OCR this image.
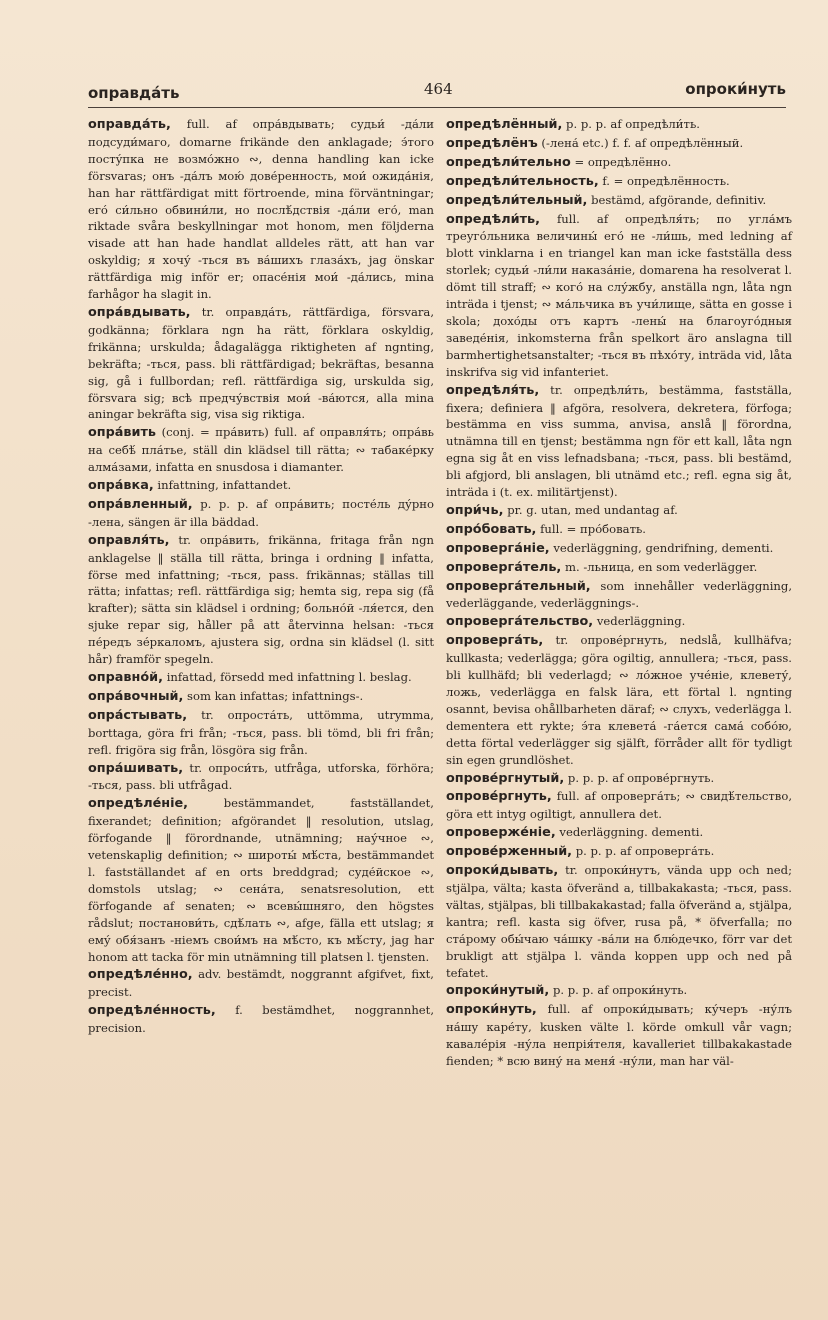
оправда́ть	464	опроки́нуть

оправда́ть, full. af опра́вдывать; судьи́ -да́ли подсуди́маго, domarne frikände den anklagade; э́того посту́пка не возмо́жно ∾, denna handling kan icke försvaras; онъ -да́лъ мою́ дове́ренность, мои́ ожида́нія, han har rättfärdigat mitt förtroende, mina förväntningar; его́ си́льно обвини́ли, но послѣ́дствія -да́ли его́, man riktade svåra beskyllningar mot honom, men följderna visade att han hade handlat alldeles rätt, att han var oskyldig; я хочу́ -ться въ ва́шихъ глаза́хъ, jag önskar rättfärdiga mig inför er; опасе́нія мои́ -да́лись, mina farhågor ha slagit in.

опра́вдывать, tr. оправда́ть, rättfärdiga, försvara, godkänna; förklara ngn ha rätt, förklara oskyldig, frikänna; urskulda; ådagalägga riktigheten af ngnting, bekräfta; -ться, pass. bli rättfärdigad; bekräftas, besanna sig, gå i fullbordan; refl. rättfärdiga sig, urskulda sig, försvara sig; всѣ предчу́вствія мои́ -ва́ются, alla mina aningar bekräfta sig, visa sig riktiga.

опра́вить (conj. = пра́вить) full. af оправля́ть; опра́вь на себѣ́ пла́тье, ställ din klädsel till rätta; ∾ табаке́рку алма́зами, infatta en snusdosa i diamanter.

опра́вка, infattning, infattandet.

опра́вленный, p. p. p. af опра́вить; посте́ль ду́рно -лена, sängen är illa bäddad.

оправля́ть, tr. опра́вить, frikänna, fritaga från ngn anklagelse ‖ ställa till rätta, bringa i ordning ‖ infatta, förse med infattning; -ться, pass. frikännas; ställas till rätta; infattas; refl. rättfärdiga sig; hemta sig, repa sig (få krafter); sätta sin klädsel i ordning; больно́й -ля́ется, den sjuke repar sig, håller på att återvinna helsan: -ться пе́редъ зе́ркаломъ, ajustera sig, ordna sin klädsel (l. sitt hår) framför spegeln.

оправно́й, infattad, försedd med infattning l. beslag.

опра́вочный, som kan infattas; infattnings-.

опра́стывать, tr. опроста́ть, uttömma, utrymma, borttaga, göra fri från; -ться, pass. bli tömd, bli fri från; refl. frigöra sig från, lösgöra sig från.

опра́шивать, tr. опроси́ть, utfråga, utforska, förhöra; -ться, pass. bli utfrågad.

опредѣле́ніе,	bestämmandet, fastställandet, fixerandet; definition; afgörandet ‖ resolution, utslag, förfogande ‖ förordnande, utnämning; нау́чное ∾, vetenskaplig definition; ∾ широты́ мѣ́ста, bestämmandet l. fastställandet af en orts breddgrad; суде́йское ∾, domstols utslag; ∾ сена́та, senatsresolution, ett förfogande af senaten; ∾ всевы́шняго, den högstes rådslut; постанови́ть, сдѣ́лать ∾, afge, fälla ett utslag; я ему́ обя́занъ -ніемъ свои́мъ на мѣ́сто, къ мѣ́сту, jag har honom att tacka för min utnämning till platsen l. tjensten.

опредѣле́нно, adv. bestämdt, noggrannt afgifvet, fixt, precist.

опредѣле́нность, f. bestämdhet, noggrannhet, precision.

опредѣлённый, p. p. p. af опредѣли́ть.

опредѣлёнъ (-лена́ etc.) f. f. af опредѣлённый.

опредѣли́тельно = опредѣлённо.

опредѣли́тельность, f. = опредѣлённость.

опредѣли́тельный, bestämd, afgörande, definitiv.

опредѣли́ть, full. af опредѣля́ть; по угла́мъ треуго́льника величины́ его́ не -ли́шь, med ledning af blott vinklarna i en triangel kan man icke fastställa dess storlek; судьи́ -ли́ли наказа́ніе, domarena ha resolverat l. dömt till straff; ∾ кого́ на слу́жбу, anställa ngn, låta ngn inträda i tjenst; ∾ ма́льчика въ учи́лище, sätta en gosse i skola; дохо́ды отъ картъ -лены́ на благоугóдныя заведе́нія, inkomsterna från spelkort äro anslagna till barmhertighetsanstalter; -ться въ пѣхо́ту, inträda vid, låta inskrifva sig vid infanteriet.

опредѣля́ть, tr. опредѣли́ть, bestämma, fastställa, fixera; definiera ‖ afgöra, resolvera, dekretera, förfoga; bestämma en viss summa, anvisa, anslå ‖ förordna, utnämna till en tjenst; bestämma ngn för ett kall, låta ngn egna sig åt en viss lefnadsbana; -ться, pass. bli bestämd, bli afgjord, bli anslagen, bli utnämd etc.; refl. egna sig åt, inträda i (t. ex. militärtjenst).

опри́чь, pr. g. utan, med undantag af.

опро́бовать, full. = про́бовать.

опроверга́ніе, vederläggning, gendrifning, dementi.

опроверга́тель, m. -льница, en som vederlägger.

опроверга́тельный, som innehåller vederläggning, vederläggande, vederläggnings-.

опроверга́тельство, vederläggning.

опроверга́ть, tr. опрове́ргнуть, nedslå, kullhäfva; kullkasta; vederlägga; göra ogiltig, annullera; -ться, pass. bli kullhäfd; bli vederlagd; ∾ ло́жное уче́ніе, клевету́, ложь, vederlägga en falsk lära, ett förtal l. ngnting osannt, bevisa ohållbarheten däraf; ∾ слухъ, vederlägga l. dementera ett rykte; э́та клевета́ -га́ется сама́ собо́ю, detta förtal vederlägger sig själft, förråder allt för tydligt sin egen grundlöshet.

опрове́ргнутый, p. p. p. af опрове́ргнуть.

опрове́ргнуть, full. af опроверга́ть; ∾ свидѣ́тельство, göra ett intyg ogiltigt, annullera det.

опроверже́ніе, vederläggning. dementi.

опрове́рженный, p. p. p. af опроверга́ть.

опроки́дывать, tr. опроки́нутъ, vända upp och ned; stjälpa, välta; kasta öfveränd a, tillbakakasta; -ться, pass. vältas, stjälpas, bli tillbakakastad; falla öfveränd a, stjälpa, kantra; refl. kasta sig öfver, rusa på, * öfverfalla; по ста́рому обы́чаю ча́шку -ва́ли на блю́дечко, förr var det brukligt att stjälpa l. vända koppen upp och ned på tefatet.

опроки́нутый, p. p. p. af опроки́нуть.

опроки́нуть, full. af опроки́дывать; ку́черъ -ну́лъ на́шу каре́ту, kusken välte l. körde omkull vår vagn; кавале́рія -ну́ла непрія́теля, kavalleriet tillbakakastade fienden; * всю вину́ на меня́ -ну́ли, man har väl-
